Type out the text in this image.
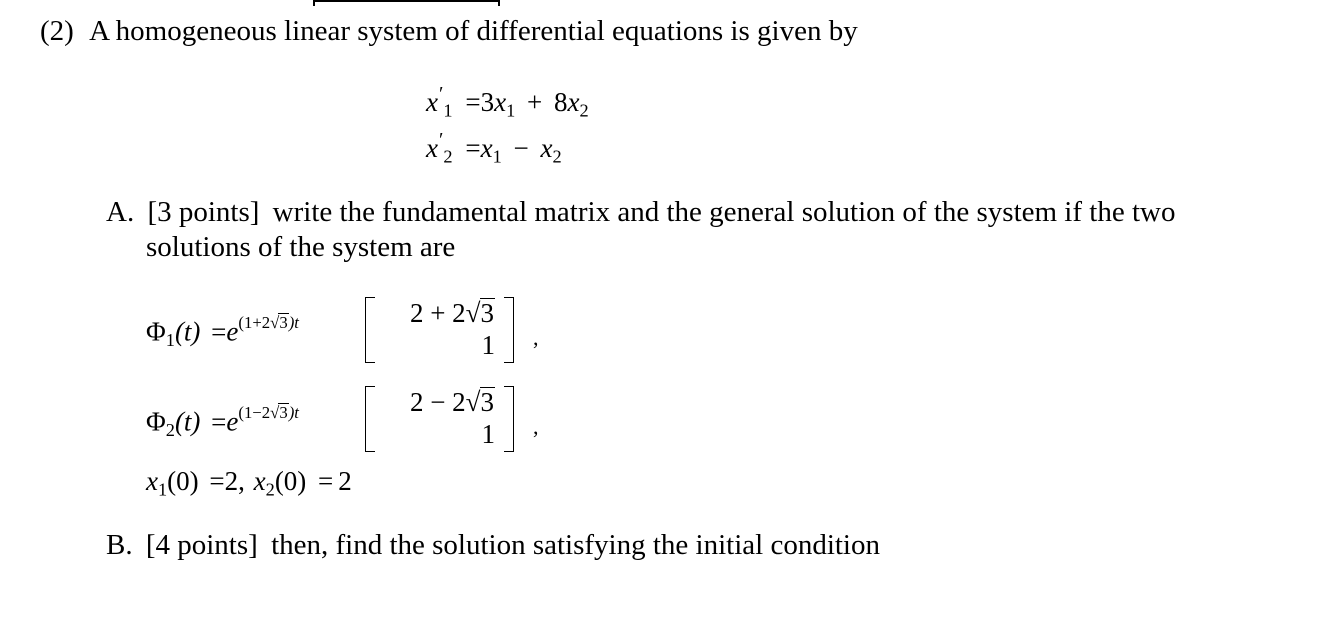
(2) A homogeneous linear system of differential equations is given by
$x'_1 =3x_1 + 8x_2$
$x'_2 =x_1 - x_2$
A. [3 points] write the fundamental matrix and the general solution of the system if the two
solutions of the system are
$\Phi_1(t) =e^{(1+2√3)t}$	2 + 2√3
1 ,
$\Phi_2(t) =e^{(1-2√3)t}$	2 − 2√3
1 ,
$x_1(0) =2$, $x_2(0) = 2$
B. [4 points] then, find the solution satisfying the initial condition
